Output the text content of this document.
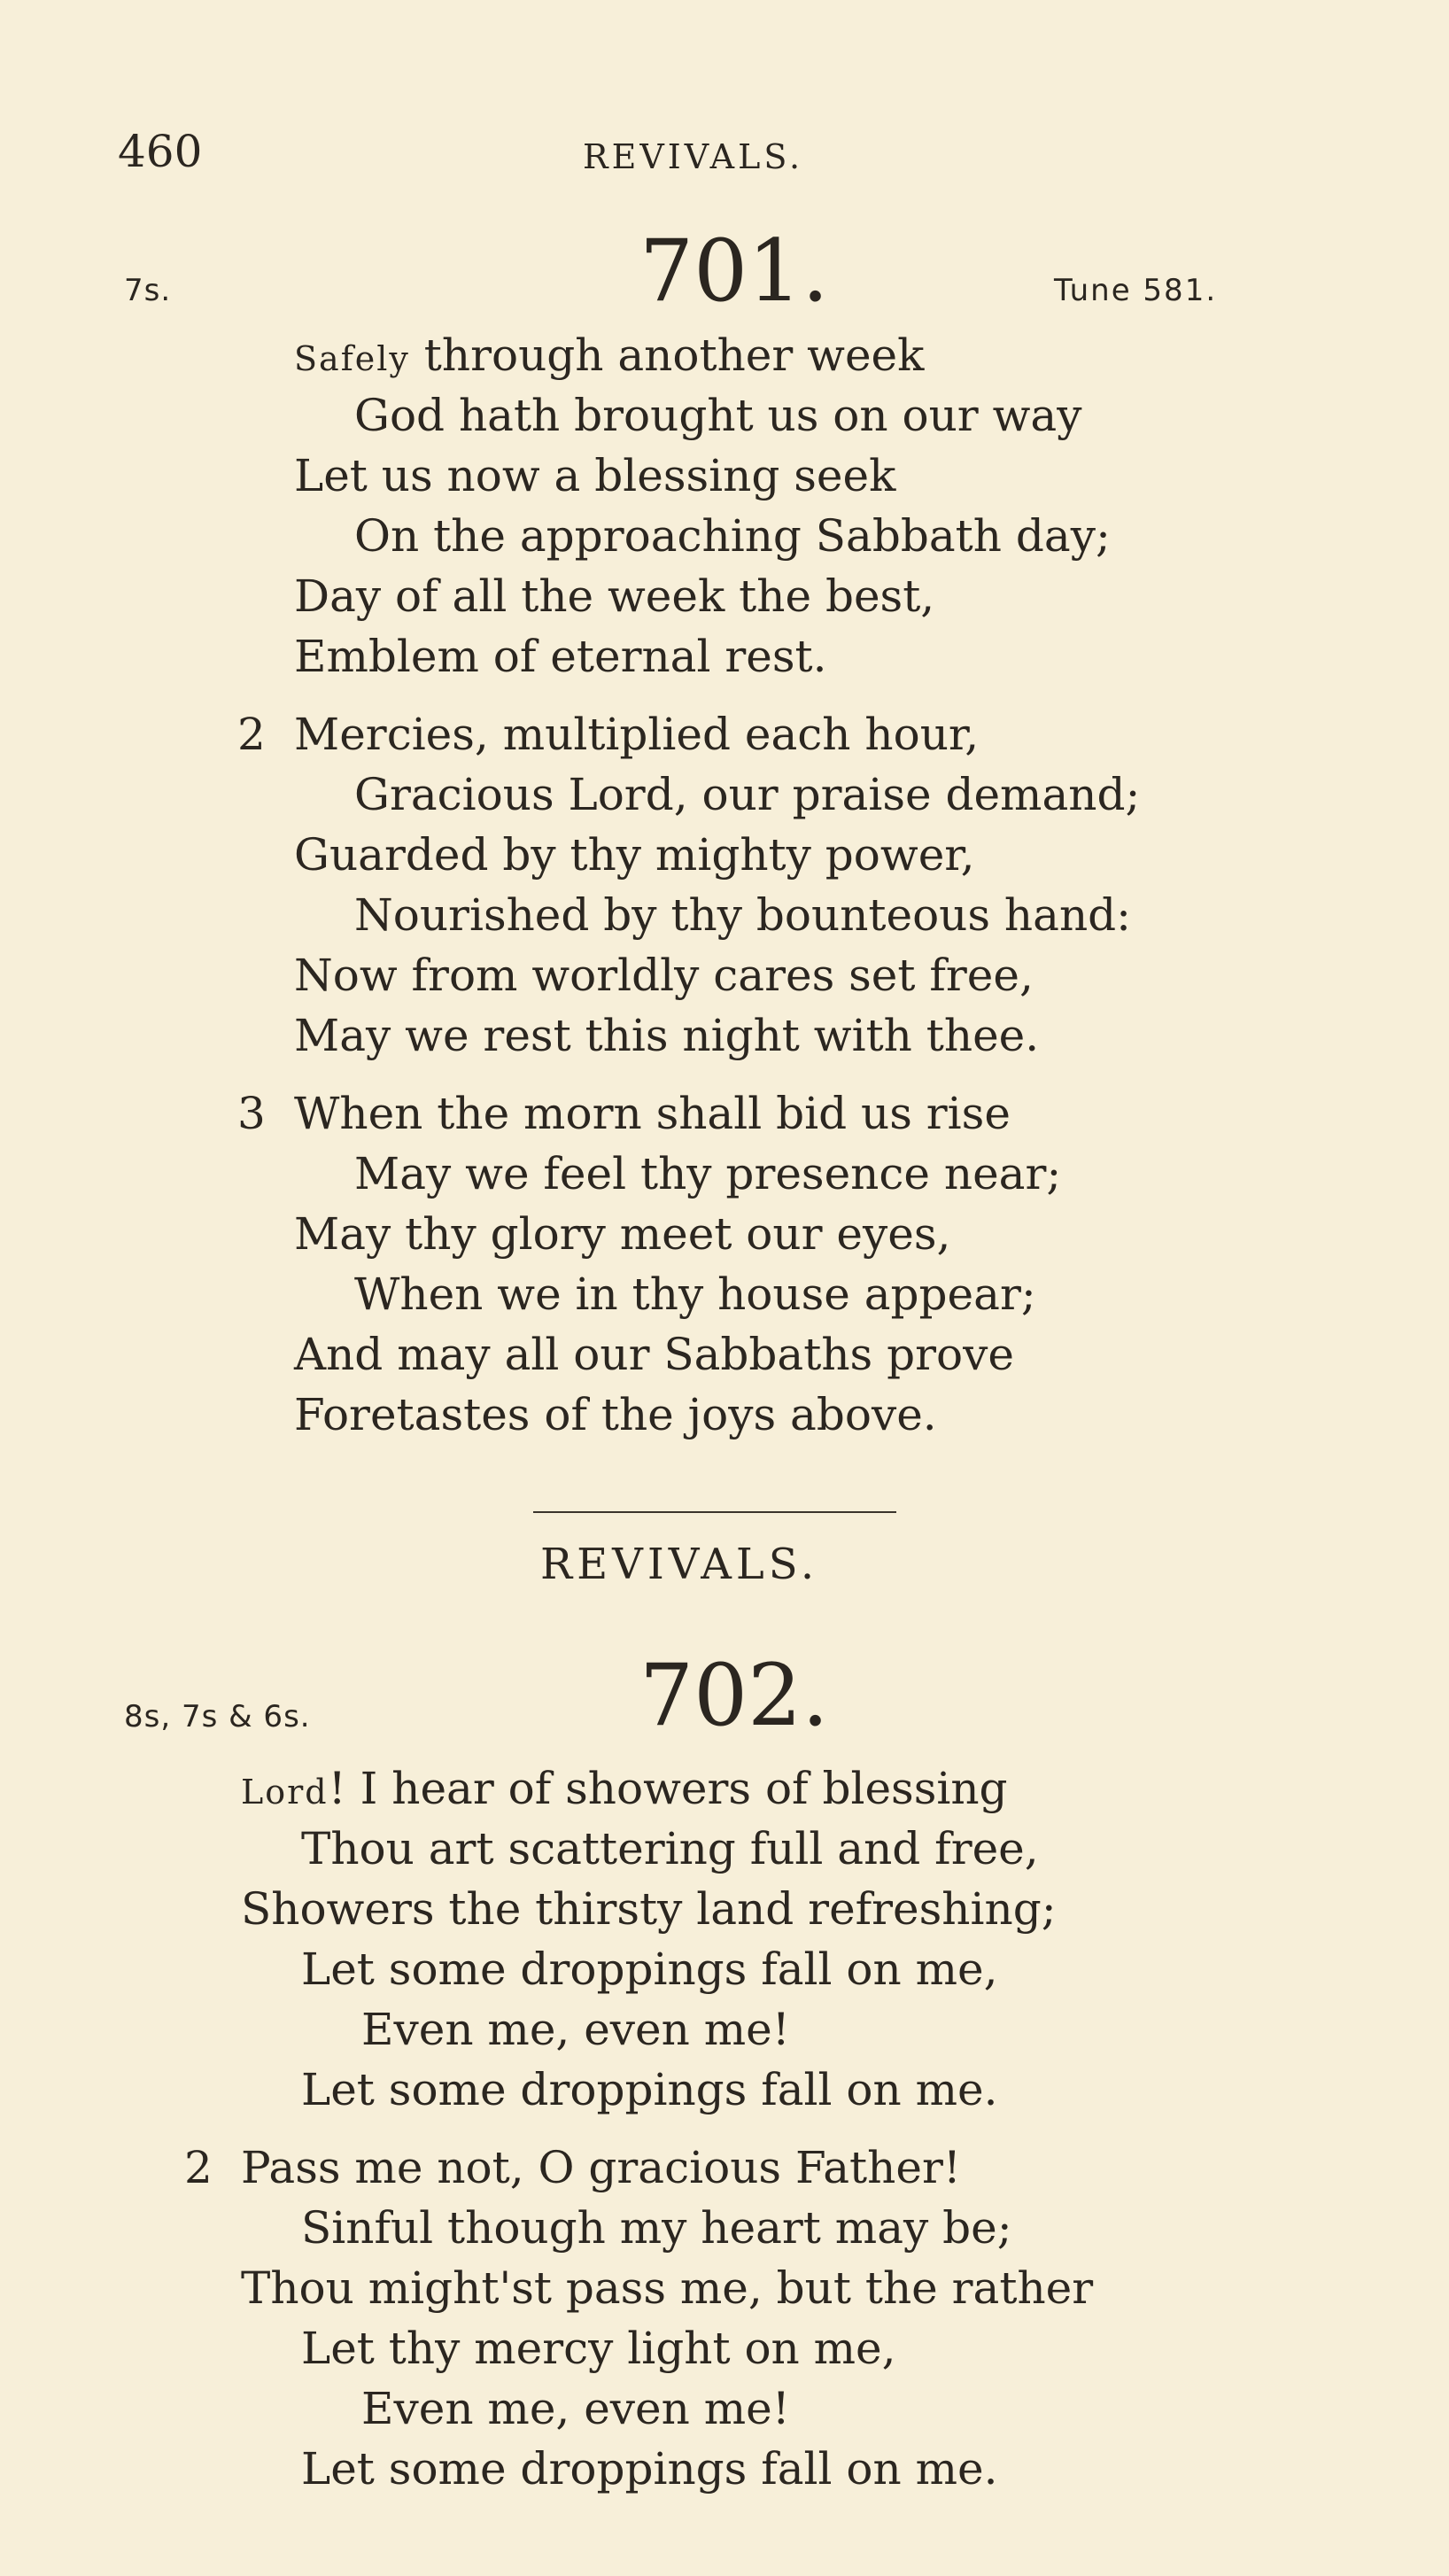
460	REVIVALS.
7s.	701.	Tune 581.
Safely through another week
God hath brought us on our way
Let us now a blessing seek
On the approaching Sabbath day;
Day of all the week the best,
Emblem of eternal rest.
2 Mercies, multiplied each hour,
Gracious Lord, our praise demand;
Guarded by thy mighty power,
Nourished by thy bounteous hand:
Now from worldly cares set free,
May we rest this night with thee.
3 When the morn shall bid us rise
May we feel thy presence near;
May thy glory meet our eyes,
When we in thy house appear;
And may all our Sabbaths prove
Foretastes of the joys above.
REVIVALS.
8s, 7s & 6s.	702.
Lord! I hear of showers of blessing
Thou art scattering full and free,
Showers the thirsty land refreshing;
Let some droppings fall on me,
Even me, even me!
Let some droppings fall on me.
2 Pass me not, O gracious Father!
Sinful though my heart may be;
Thou might'st pass me, but the rather
Let thy mercy light on me,
Even me, even me!
Let some droppings fall on me.
